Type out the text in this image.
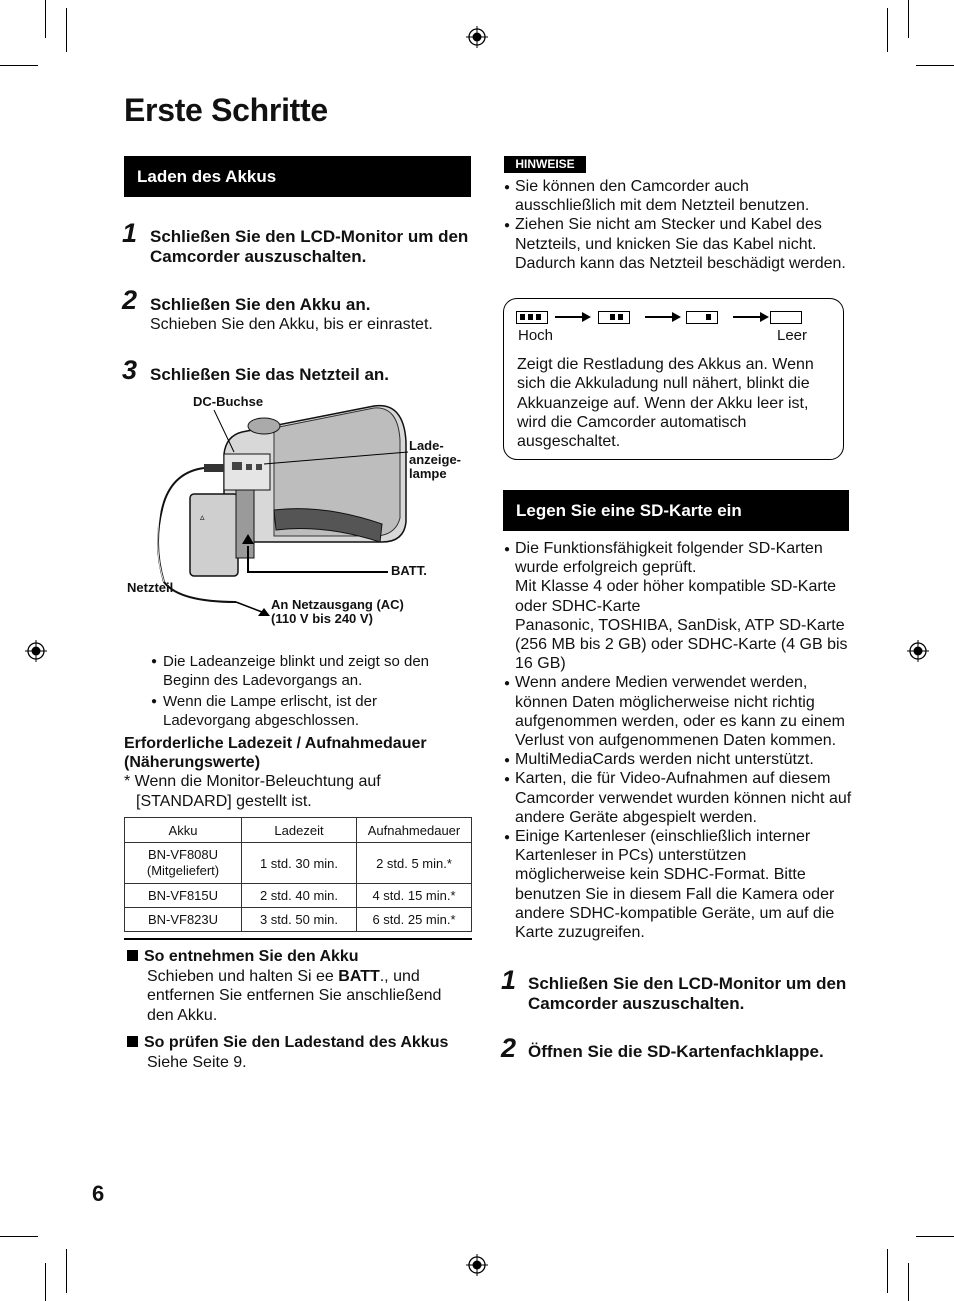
Erste Schritte
Laden des Akkus
1 Schließen Sie den LCD-Monitor um den Camcorder auszuschalten.
2 Schließen Sie den Akku an.
Schieben Sie den Akku, bis er einrastet.
3 Schließen Sie das Netzteil an.
▵
DC-Buchse
Lade-
anzeige-
lampe
BATT.
Netzteil
An Netzausgang (AC)
(110 V bis 240 V)
● Die Ladeanzeige blinkt und zeigt so den Beginn des Ladevorgangs an.
● Wenn die Lampe erlischt, ist der Ladevorgang abgeschlossen.
Erforderliche Ladezeit / Aufnahmedauer (Näherungswerte)
* Wenn die Monitor-Beleuchtung auf [STANDARD] gestellt ist.
Akku	Ladezeit	Aufnahmedauer
BN-VF808U
(Mitgeliefert)	1 std. 30 min.	2 std. 5 min.*
BN-VF815U	2 std. 40 min.	4 std. 15 min.*
BN-VF823U	3 std. 50 min.	6 std. 25 min.*
So entnehmen Sie den Akku
Schieben und halten Si ee BATT., und entfernen Sie entfernen Sie anschließend den Akku.
So prüfen Sie den Ladestand des Akkus
Siehe Seite 9.
6
HINWEISE
● Sie können den Camcorder auch ausschließlich mit dem Netzteil benutzen.
● Ziehen Sie nicht am Stecker und Kabel des Netzteils, und knicken Sie das Kabel nicht. Dadurch kann das Netzteil beschädigt werden.
Hoch	Leer
Zeigt die Restladung des Akkus an. Wenn sich die Akkuladung null nähert, blinkt die Akkuanzeige auf. Wenn der Akku leer ist, wird die Camcorder automatisch ausgeschaltet.
Legen Sie eine SD-Karte ein
● Die Funktionsfähigkeit folgender SD-Karten wurde erfolgreich geprüft.
Mit Klasse 4 oder höher kompatible SD-Karte oder SDHC-Karte
Panasonic, TOSHIBA, SanDisk, ATP SD-Karte (256 MB bis 2 GB) oder SDHC-Karte (4 GB bis 16 GB)
● Wenn andere Medien verwendet werden, können Daten möglicherweise nicht richtig aufgenommen werden, oder es kann zu einem Verlust von aufgenommenen Daten kommen.
● MultiMediaCards werden nicht unterstützt.
● Karten, die für Video-Aufnahmen auf diesem Camcorder verwendet wurden können nicht auf andere Geräte abgespielt werden.
● Einige Kartenleser (einschließlich interner Kartenleser in PCs) unterstützen möglicherweise kein SDHC-Format. Bitte benutzen Sie in diesem Fall die Kamera oder andere SDHC-kompatible Geräte, um auf die Karte zuzugreifen.
1 Schließen Sie den LCD-Monitor um den Camcorder auszuschalten.
2 Öffnen Sie die SD-Kartenfachklappe.
